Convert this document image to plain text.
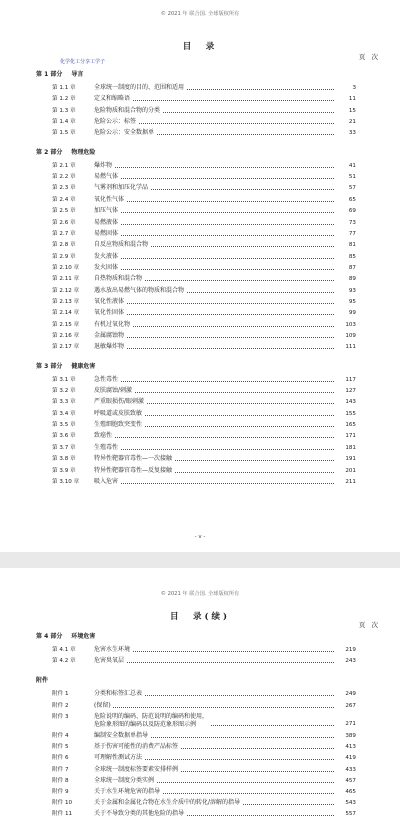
© 2021 年 联合国. 全球版权所有
目　录
页 次
化学化工分享工学子
第 1 部分 导言
第 1.1 章	全球统一制度的目的、范围和适用	3
第 1.2 章	定义和缩略语	11
第 1.3 章	危险物质和混合物的分类	15
第 1.4 章	危险公示：标签	21
第 1.5 章	危险公示：安全数据单	33
第 2 部分 物理危险
第 2.1 章	爆炸物	41
第 2.2 章	易燃气体	51
第 2.3 章	气雾剂和加压化学品	57
第 2.4 章	氧化性气体	65
第 2.5 章	加压气体	69
第 2.6 章	易燃液体	73
第 2.7 章	易燃固体	77
第 2.8 章	自反应物质和混合物	81
第 2.9 章	发火液体	85
第 2.10 章 发火固体	87
第 2.11 章 自热物质和混合物	89
第 2.12 章 遇水放出易燃气体的物质和混合物	93
第 2.13 章 氧化性液体	95
第 2.14 章 氧化性固体	99
第 2.15 章 有机过氧化物	103
第 2.16 章 金属腐蚀物	109
第 2.17 章 退敏爆炸物	111
第 3 部分 健康危害
第 3.1 章	急性毒性	117
第 3.2 章	皮肤腐蚀/刺激	127
第 3.3 章	严重眼损伤/眼刺激	143
第 3.4 章	呼吸道或皮肤致敏	155
第 3.5 章	生殖细胞致突变性	165
第 3.6 章	致癌性	171
第 3.7 章	生殖毒性	181
第 3.8 章	特异性靶器官毒性—一次接触	191
第 3.9 章	特异性靶器官毒性—反复接触	201
第 3.10 章 吸入危害	211
- v -
© 2021 年 联合国. 全球版权所有
目　录(续)
页 次
第 4 部分 环境危害
第 4.1 章	危害水生环境	219
第 4.2 章	危害臭氧层	243
附件
附件 1	分类和标签汇总表	249
附件 2	(保留)	267
附件 3	危险说明的编码、防范说明的编码和使用，
危险象形图的编码以及防范象形图示例	271
附件 4	编制安全数据单指导	389
附件 5	基于伤害可能性的消费产品标签	413
附件 6	可理解性测试方法	419
附件 7	全球统一制度标签要素安排样例	433
附件 8	全球统一制度分类实例	457
附件 9	关于水生环境危害的指导	465
附件 10	关于金属和金属化合物在水生介质中的转化/溶解的指导	543
附件 11	关于不导致分类的其他危险的指导	557
